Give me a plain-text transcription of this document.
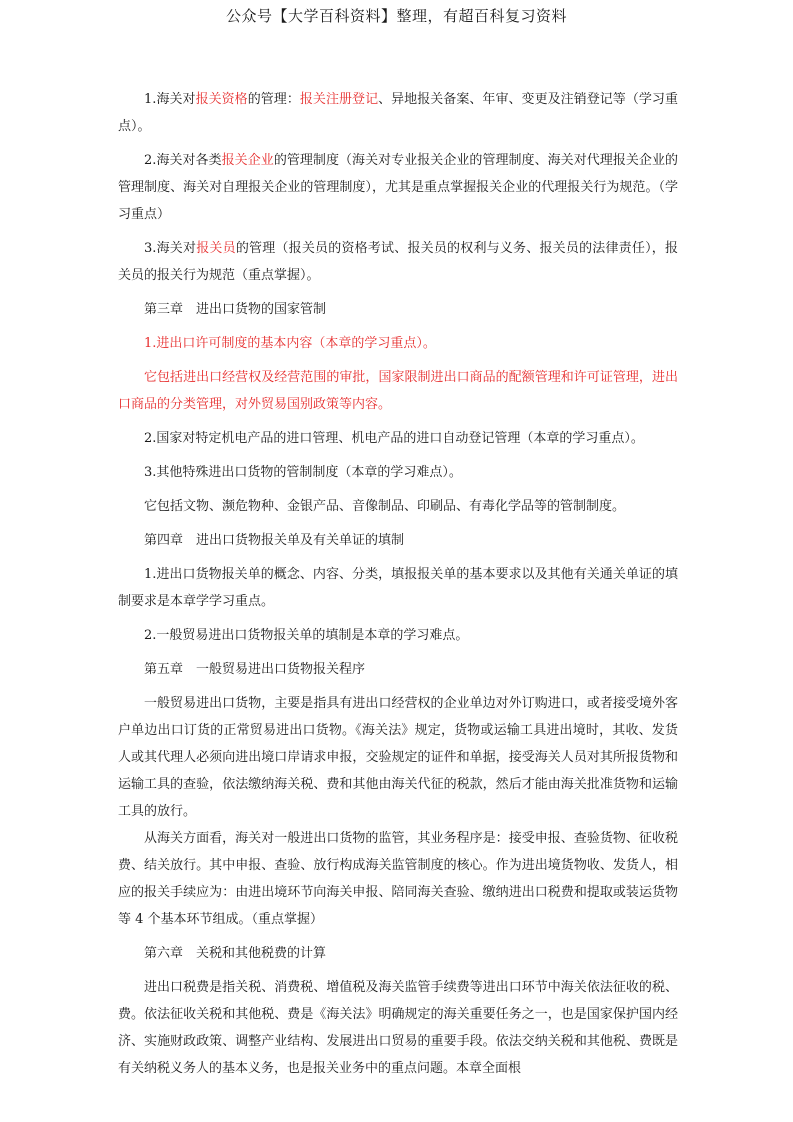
公众号【大学百科资料】整理，有超百科复习资料

1.海关对报关资格的管理：报关注册登记、异地报关备案、年审、变更及注销登记等（学习重点）。

2.海关对各类报关企业的管理制度（海关对专业报关企业的管理制度、海关对代理报关企业的管理制度、海关对自理报关企业的管理制度），尤其是重点掌握报关企业的代理报关行为规范。（学习重点）

3.海关对报关员的管理（报关员的资格考试、报关员的权利与义务、报关员的法律责任），报关员的报关行为规范（重点掌握）。

第三章　进出口货物的国家管制

1.进出口许可制度的基本内容（本章的学习重点）。

它包括进出口经营权及经营范围的审批，国家限制进出口商品的配额管理和许可证管理，进出口商品的分类管理，对外贸易国别政策等内容。

2.国家对特定机电产品的进口管理、机电产品的进口自动登记管理（本章的学习重点）。

3.其他特殊进出口货物的管制制度（本章的学习难点）。

它包括文物、濒危物种、金银产品、音像制品、印刷品、有毒化学品等的管制制度。

第四章　进出口货物报关单及有关单证的填制

1.进出口货物报关单的概念、内容、分类，填报报关单的基本要求以及其他有关通关单证的填制要求是本章学学习重点。

2.一般贸易进出口货物报关单的填制是本章的学习难点。

第五章　一般贸易进出口货物报关程序

一般贸易进出口货物，主要是指具有进出口经营权的企业单边对外订购进口，或者接受境外客户单边出口订货的正常贸易进出口货物。《海关法》规定，货物或运输工具进出境时，其收、发货人或其代理人必须向进出境口岸请求申报，交验规定的证件和单据，接受海关人员对其所报货物和运输工具的查验，依法缴纳海关税、费和其他由海关代征的税款，然后才能由海关批准货物和运输工具的放行。

从海关方面看，海关对一般进出口货物的监管，其业务程序是：接受申报、查验货物、征收税费、结关放行。其中申报、查验、放行构成海关监管制度的核心。作为进出境货物收、发货人，相应的报关手续应为：由进出境环节向海关申报、陪同海关查验、缴纳进出口税费和提取或装运货物等 4 个基本环节组成。（重点掌握）

第六章　关税和其他税费的计算

进出口税费是指关税、消费税、增值税及海关监管手续费等进出口环节中海关依法征收的税、费。依法征收关税和其他税、费是《海关法》明确规定的海关重要任务之一，也是国家保护国内经济、实施财政政策、调整产业结构、发展进出口贸易的重要手段。依法交纳关税和其他税、费既是有关纳税义务人的基本义务，也是报关业务中的重点问题。本章全面根
